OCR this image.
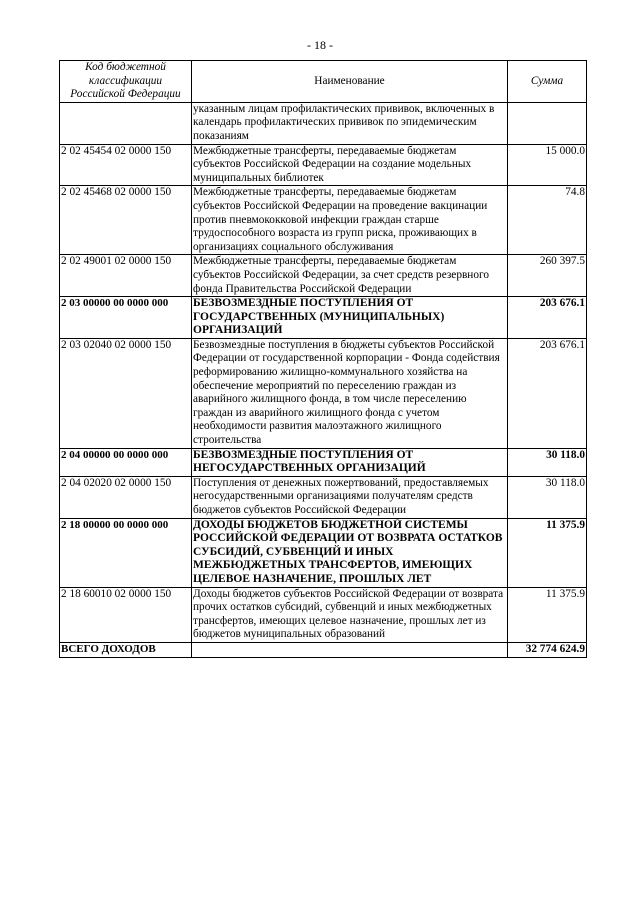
- 18 -
Код бюджетной классификации Российской Федерации	Наименование	Сумма
	указанным лицам профилактических прививок, включенных в календарь профилактических прививок по эпидемическим показаниям	
2 02 45454 02 0000 150	Межбюджетные трансферты, передаваемые бюджетам субъектов Российской Федерации на создание модельных муниципальных библиотек	15 000.0
2 02 45468 02 0000 150	Межбюджетные трансферты, передаваемые бюджетам субъектов Российской Федерации на проведение вакцинации против пневмококковой инфекции граждан старше трудоспособного возраста из групп риска, проживающих в организациях социального обслуживания	74.8
2 02 49001 02 0000 150	Межбюджетные трансферты, передаваемые бюджетам субъектов Российской Федерации, за счет средств резервного фонда Правительства Российской Федерации	260 397.5
2 03 00000 00 0000 000	БЕЗВОЗМЕЗДНЫЕ ПОСТУПЛЕНИЯ ОТ ГОСУДАРСТВЕННЫХ (МУНИЦИПАЛЬНЫХ) ОРГАНИЗАЦИЙ	203 676.1
2 03 02040 02 0000 150	Безвозмездные поступления в бюджеты субъектов Российской Федерации от государственной корпорации - Фонда содействия реформированию жилищно-коммунального хозяйства на обеспечение мероприятий по переселению граждан из аварийного жилищного фонда, в том числе переселению граждан из аварийного жилищного фонда с учетом необходимости развития малоэтажного жилищного строительства	203 676.1
2 04 00000 00 0000 000	БЕЗВОЗМЕЗДНЫЕ ПОСТУПЛЕНИЯ ОТ НЕГОСУДАРСТВЕННЫХ ОРГАНИЗАЦИЙ	30 118.0
2 04 02020 02 0000 150	Поступления от денежных пожертвований, предоставляемых негосударственными организациями получателям средств бюджетов субъектов Российской Федерации	30 118.0
2 18 00000 00 0000 000	ДОХОДЫ БЮДЖЕТОВ БЮДЖЕТНОЙ СИСТЕМЫ РОССИЙСКОЙ ФЕДЕРАЦИИ ОТ ВОЗВРАТА ОСТАТКОВ СУБСИДИЙ, СУБВЕНЦИЙ И ИНЫХ МЕЖБЮДЖЕТНЫХ ТРАНСФЕРТОВ, ИМЕЮЩИХ ЦЕЛЕВОЕ НАЗНАЧЕНИЕ, ПРОШЛЫХ ЛЕТ	11 375.9
2 18 60010 02 0000 150	Доходы бюджетов субъектов Российской Федерации от возврата прочих остатков субсидий, субвенций и иных межбюджетных трансфертов, имеющих целевое назначение, прошлых лет из бюджетов муниципальных образований	11 375.9
ВСЕГО ДОХОДОВ		32 774 624.9
